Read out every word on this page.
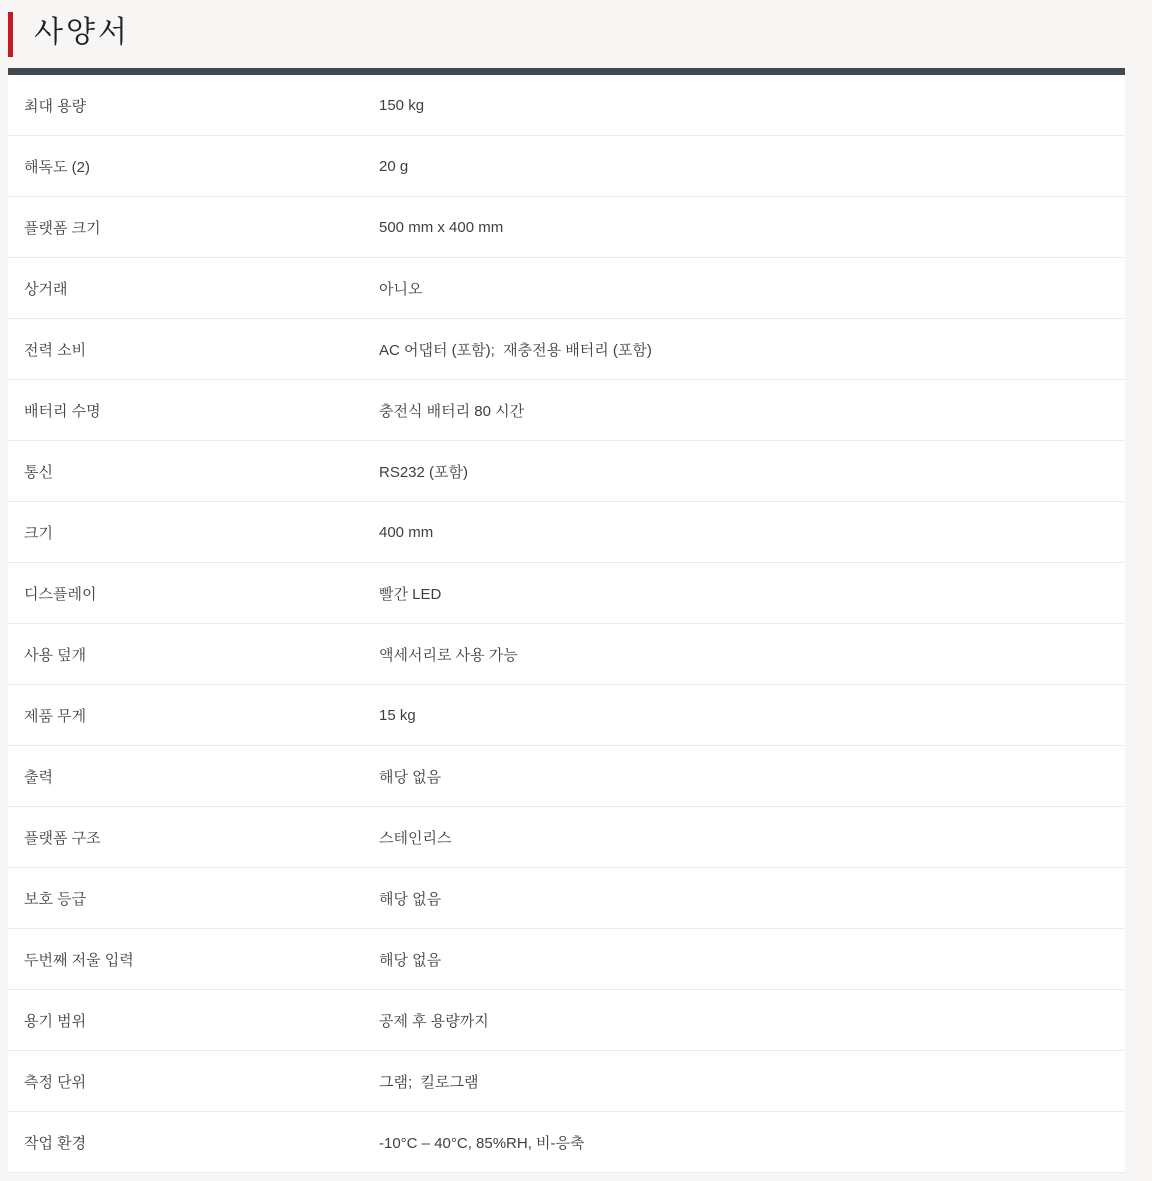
사양서
최대 용량	150 kg
해독도 (2)	20 g
플랫폼 크기	500 mm x 400 mm
상거래	아니오
전력 소비	AC 어댑터 (포함);  재충전용 배터리 (포함)
배터리 수명	충전식 배터리 80 시간
통신	RS232 (포함)
크기	400 mm
디스플레이	빨간 LED
사용 덮개	액세서리로 사용 가능
제품 무게	15 kg
출력	해당 없음
플랫폼 구조	스테인리스
보호 등급	해당 없음
두번째 저울 입력	해당 없음
용기 범위	공제 후 용량까지
측정 단위	그램;  킬로그램
작업 환경	-10°C – 40°C, 85%RH, 비-응축
